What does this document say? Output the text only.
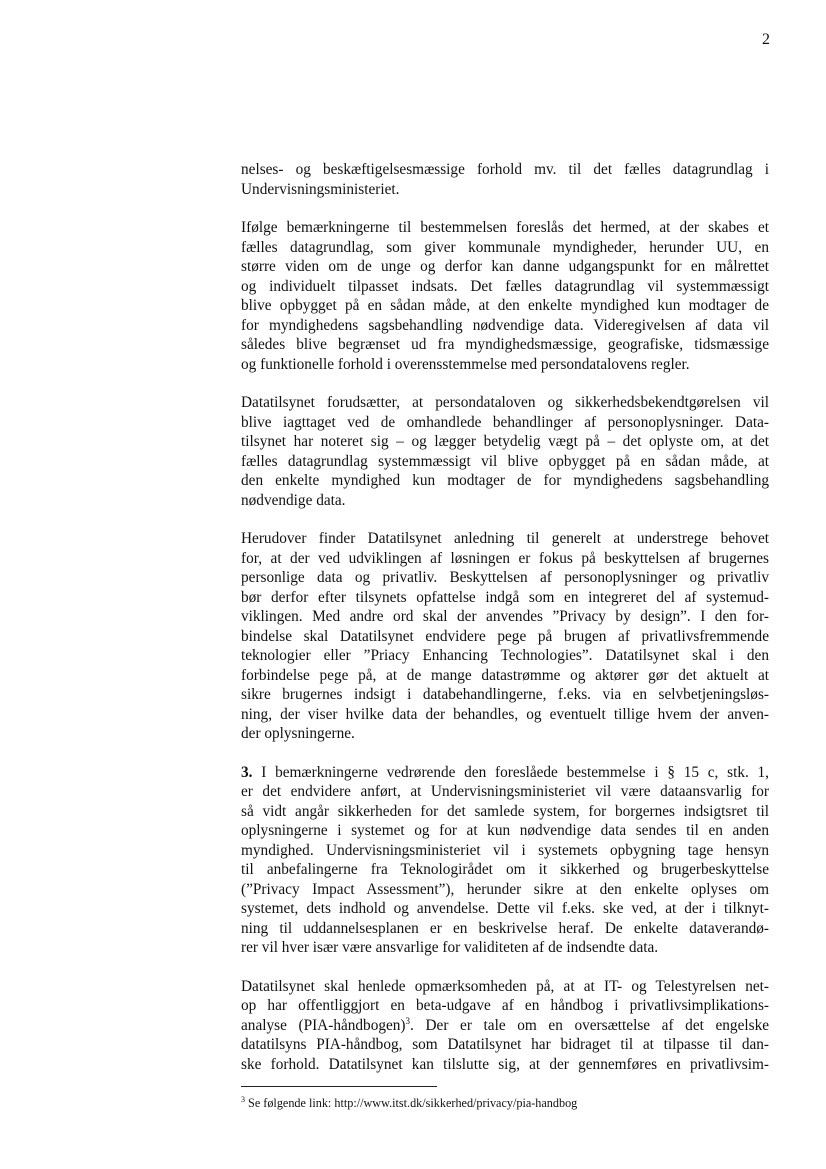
2

nelses- og beskæftigelsesmæssige forhold mv. til det fælles datagrundlag i
Undervisningsministeriet.

Ifølge bemærkningerne til bestemmelsen foreslås det hermed, at der skabes et
fælles datagrundlag, som giver kommunale myndigheder, herunder UU, en
større viden om de unge og derfor kan danne udgangspunkt for en målrettet
og individuelt tilpasset indsats. Det fælles datagrundlag vil systemmæssigt
blive opbygget på en sådan måde, at den enkelte myndighed kun modtager de
for myndighedens sagsbehandling nødvendige data. Videregivelsen af data vil
således blive begrænset ud fra myndighedsmæssige, geografiske, tidsmæssige
og funktionelle forhold i overensstemmelse med persondatalovens regler.

Datatilsynet forudsætter, at persondataloven og sikkerhedsbekendtgørelsen vil
blive iagttaget ved de omhandlede behandlinger af personoplysninger. Data-
tilsynet har noteret sig – og lægger betydelig vægt på – det oplyste om, at det
fælles datagrundlag systemmæssigt vil blive opbygget på en sådan måde, at
den enkelte myndighed kun modtager de for myndighedens sagsbehandling
nødvendige data.

Herudover finder Datatilsynet anledning til generelt at understrege behovet
for, at der ved udviklingen af løsningen er fokus på beskyttelsen af brugernes
personlige data og privatliv. Beskyttelsen af personoplysninger og privatliv
bør derfor efter tilsynets opfattelse indgå som en integreret del af systemud-
viklingen. Med andre ord skal der anvendes ”Privacy by design”. I den for-
bindelse skal Datatilsynet endvidere pege på brugen af privatlivsfremmende
teknologier eller ”Priacy Enhancing Technologies”. Datatilsynet skal i den
forbindelse pege på, at de mange datastrømme og aktører gør det aktuelt at
sikre brugernes indsigt i databehandlingerne, f.eks. via en selvbetjeningsløs-
ning, der viser hvilke data der behandles, og eventuelt tillige hvem der anven-
der oplysningerne.

3. I bemærkningerne vedrørende den foreslåede bestemmelse i § 15 c, stk. 1,
er det endvidere anført, at Undervisningsministeriet vil være dataansvarlig for
så vidt angår sikkerheden for det samlede system, for borgernes indsigtsret til
oplysningerne i systemet og for at kun nødvendige data sendes til en anden
myndighed. Undervisningsministeriet vil i systemets opbygning tage hensyn
til anbefalingerne fra Teknologirådet om it sikkerhed og brugerbeskyttelse
(”Privacy Impact Assessment”), herunder sikre at den enkelte oplyses om
systemet, dets indhold og anvendelse. Dette vil f.eks. ske ved, at der i tilknyt-
ning til uddannelsesplanen er en beskrivelse heraf. De enkelte dataverandø-
rer vil hver især være ansvarlige for validiteten af de indsendte data.

Datatilsynet skal henlede opmærksomheden på, at at IT- og Telestyrelsen net-
op har offentliggjort en beta-udgave af en håndbog i privatlivsimplikations-
analyse (PIA-håndbogen)$^3$. Der er tale om en oversættelse af det engelske
datatilsyns PIA-håndbog, som Datatilsynet har bidraget til at tilpasse til dan-
ske forhold. Datatilsynet kan tilslutte sig, at der gennemføres en privatlivsim-

$^3$ Se følgende link: http://www.itst.dk/sikkerhed/privacy/pia-handbog
